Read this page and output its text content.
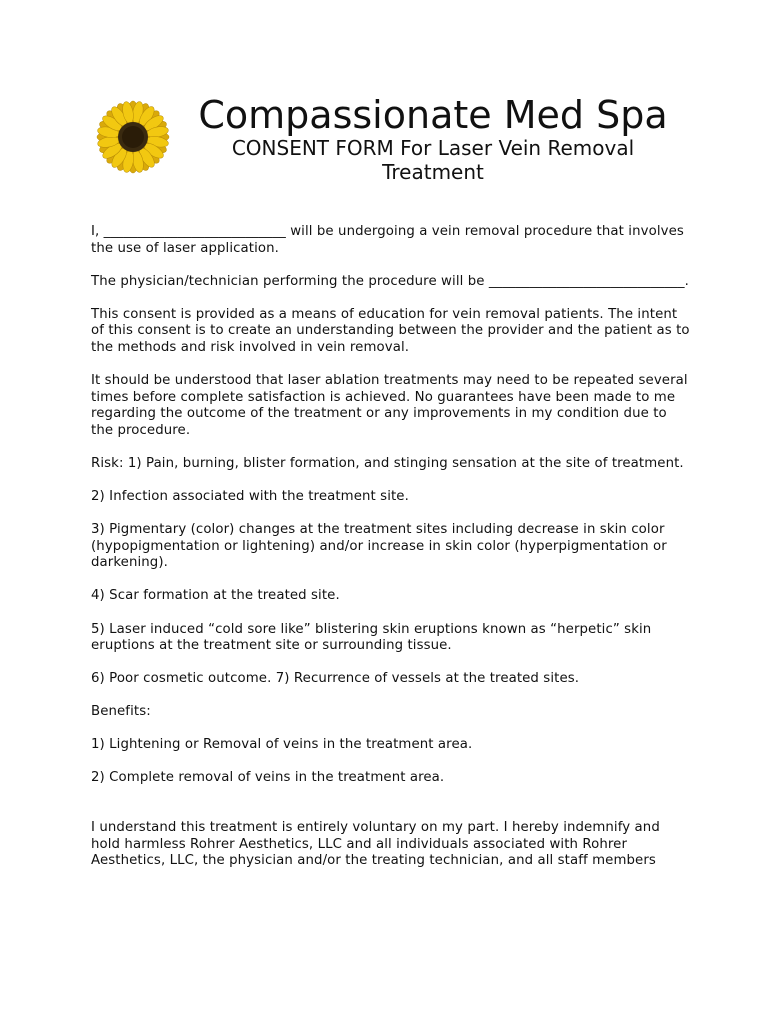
Compassionate Med Spa
CONSENT FORM For Laser Vein Removal Treatment

I, ___________________________ will be undergoing a vein removal procedure that involves the use of laser application.

The physician/technician performing the procedure will be _____________________________.

This consent is provided as a means of education for vein removal patients. The intent of this consent is to create an understanding between the provider and the patient as to the methods and risk involved in vein removal.

It should be understood that laser ablation treatments may need to be repeated several times before complete satisfaction is achieved. No guarantees have been made to me regarding the outcome of the treatment or any improvements in my condition due to the procedure.

Risk: 1) Pain, burning, blister formation, and stinging sensation at the site of treatment.

2) Infection associated with the treatment site.

3) Pigmentary (color) changes at the treatment sites including decrease in skin color (hypopigmentation or lightening) and/or increase in skin color (hyperpigmentation or darkening).

4) Scar formation at the treated site.

5) Laser induced “cold sore like” blistering skin eruptions known as “herpetic” skin eruptions at the treatment site or surrounding tissue.

6) Poor cosmetic outcome. 7) Recurrence of vessels at the treated sites.

Benefits:

1) Lightening or Removal of veins in the treatment area.

2) Complete removal of veins in the treatment area.

I understand this treatment is entirely voluntary on my part. I hereby indemnify and hold harmless Rohrer Aesthetics, LLC and all individuals associated with Rohrer Aesthetics, LLC, the physician and/or the treating technician, and all staff members
